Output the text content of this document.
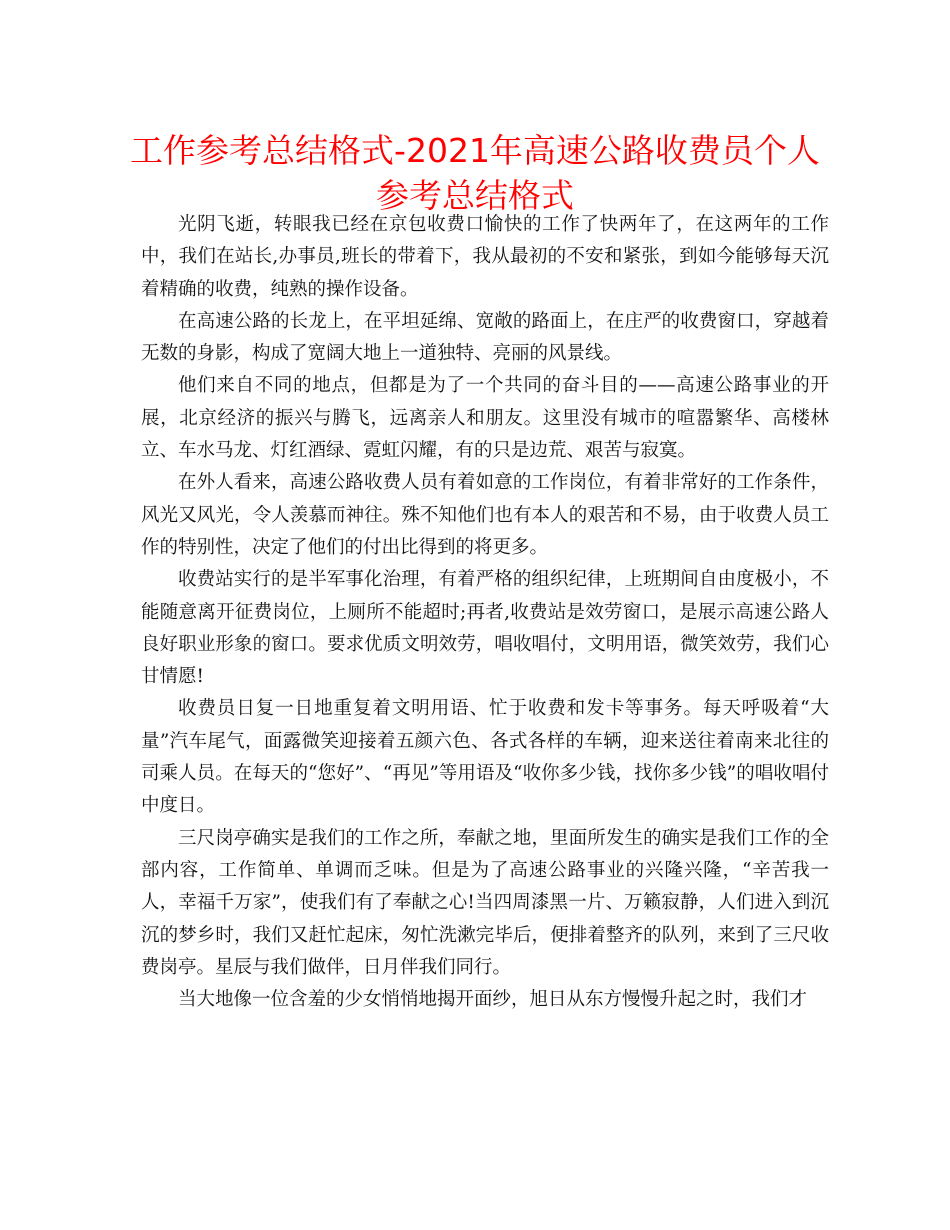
工作参考总结格式-2021年高速公路收费员个人参考总结格式

光阴飞逝，转眼我已经在京包收费口愉快的工作了快两年了，在这两年的工作中，我们在站长,办事员,班长的带着下，我从最初的不安和紧张，到如今能够每天沉着精确的收费，纯熟的操作设备。

在高速公路的长龙上，在平坦延绵、宽敞的路面上，在庄严的收费窗口，穿越着无数的身影，构成了宽阔大地上一道独特、亮丽的风景线。

他们来自不同的地点，但都是为了一个共同的奋斗目的——高速公路事业的开展，北京经济的振兴与腾飞，远离亲人和朋友。这里没有城市的喧嚣繁华、高楼林立、车水马龙、灯红酒绿、霓虹闪耀，有的只是边荒、艰苦与寂寞。

在外人看来，高速公路收费人员有着如意的工作岗位，有着非常好的工作条件，风光又风光，令人羡慕而神往。殊不知他们也有本人的艰苦和不易，由于收费人员工作的特别性，决定了他们的付出比得到的将更多。

收费站实行的是半军事化治理，有着严格的组织纪律，上班期间自由度极小，不能随意离开征费岗位，上厕所不能超时;再者,收费站是效劳窗口，是展示高速公路人良好职业形象的窗口。要求优质文明效劳，唱收唱付，文明用语，微笑效劳，我们心甘情愿!

收费员日复一日地重复着文明用语、忙于收费和发卡等事务。每天呼吸着“大量”汽车尾气，面露微笑迎接着五颜六色、各式各样的车辆，迎来送往着南来北往的司乘人员。在每天的“您好”、“再见”等用语及“收你多少钱，找你多少钱”的唱收唱付中度日。

三尺岗亭确实是我们的工作之所，奉献之地，里面所发生的确实是我们工作的全部内容，工作简单、单调而乏味。但是为了高速公路事业的兴隆兴隆，“辛苦我一人，幸福千万家”，使我们有了奉献之心!当四周漆黑一片、万籁寂静，人们进入到沉沉的梦乡时，我们又赶忙起床，匆忙洗漱完毕后，便排着整齐的队列，来到了三尺收费岗亭。星辰与我们做伴，日月伴我们同行。

当大地像一位含羞的少女悄悄地揭开面纱，旭日从东方慢慢升起之时，我们才
